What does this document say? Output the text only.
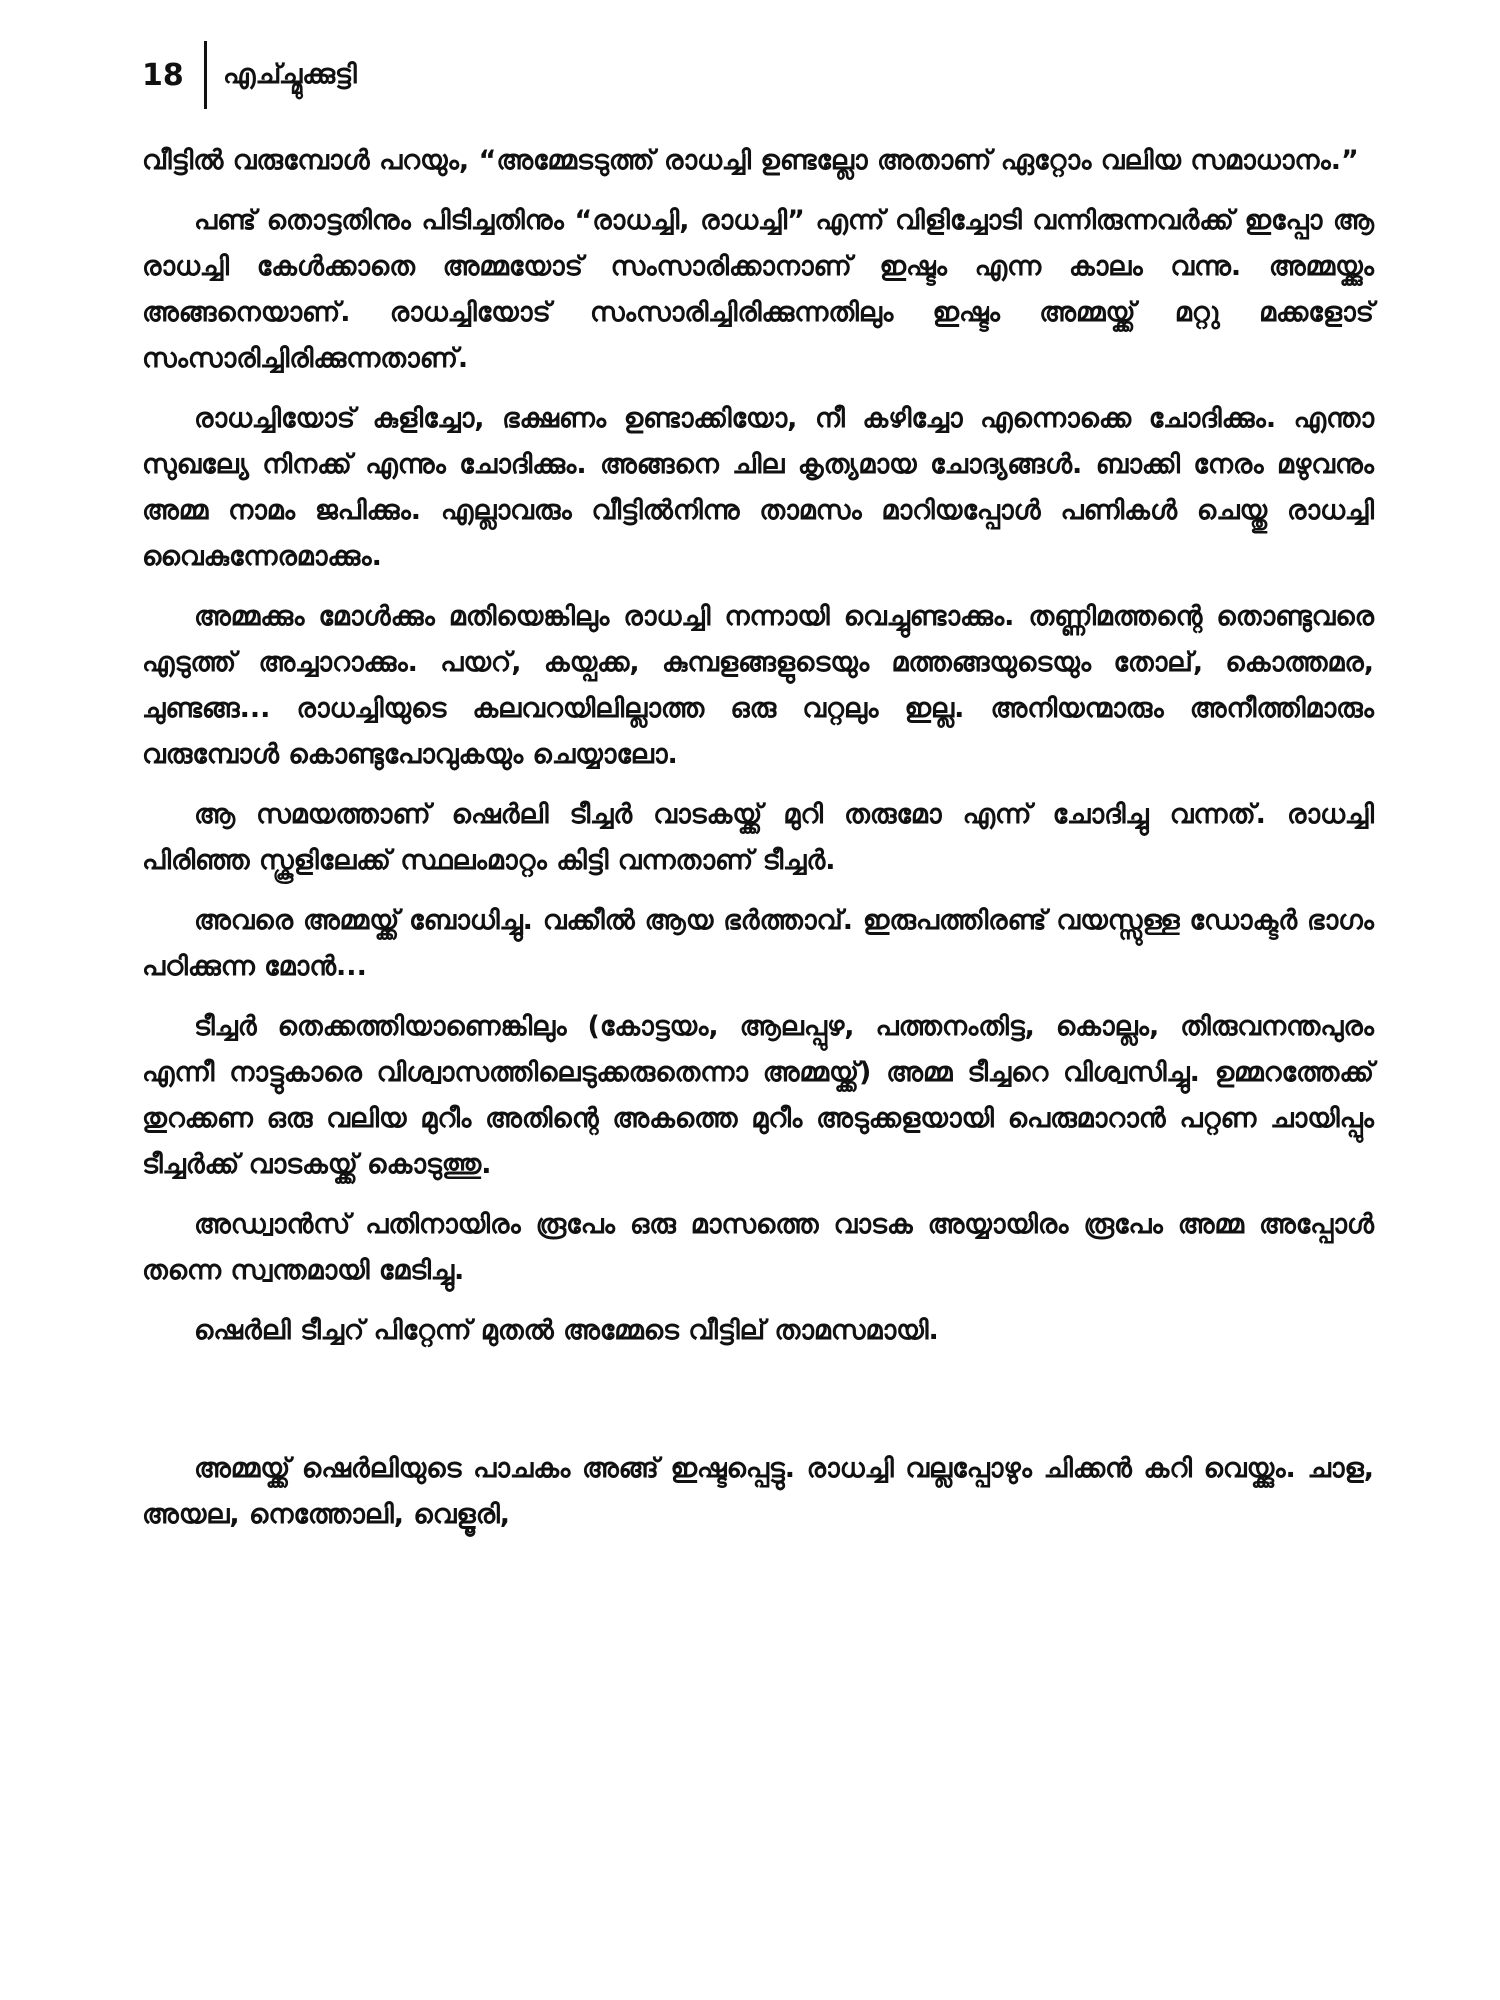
18	എച്ച്മുക്കുട്ടി

വീട്ടിൽ വരുമ്പോൾ പറയും, “അമ്മേടടുത്ത് രാധച്ചി ഉണ്ടല്ലോ അതാണ് ഏറ്റോം വലിയ സമാധാനം.”

പണ്ട് തൊട്ടതിനും പിടിച്ചതിനും “രാധച്ചി, രാധച്ചി” എന്ന് വിളിച്ചോടി വന്നിരുന്നവർക്ക് ഇപ്പോ ആ രാധച്ചി കേൾക്കാതെ അമ്മയോട് സംസാരിക്കാനാണ് ഇഷ്ടം എന്ന കാലം വന്നു. അമ്മയ്ക്കും അങ്ങനെയാണ്. രാധച്ചിയോട് സംസാരിച്ചിരിക്കുന്നതിലും ഇഷ്ടം അമ്മയ്ക്ക് മറ്റു മക്കളോട് സംസാരിച്ചിരിക്കുന്നതാണ്.

രാധച്ചിയോട് കുളിച്ചോ, ഭക്ഷണം ഉണ്ടാക്കിയോ, നീ കഴിച്ചോ എന്നൊക്കെ ചോദിക്കും. എന്താ സുഖല്യേ നിനക്ക് എന്നും ചോദിക്കും. അങ്ങനെ ചില കൃത്യമായ ചോദ്യങ്ങൾ. ബാക്കി നേരം മഴുവനും അമ്മ നാമം ജപിക്കും. എല്ലാവരും വീട്ടിൽനിന്നു താമസം മാറിയപ്പോൾ പണികൾ ചെയ്തു രാധച്ചി വൈകുന്നേരമാക്കും.

അമ്മക്കും മോൾക്കും മതിയെങ്കിലും രാധച്ചി നന്നായി വെച്ചുണ്ടാക്കും. തണ്ണിമത്തന്റെ തൊണ്ടുവരെ എടുത്ത് അച്ചാറാക്കും. പയറ്, കയ്പക്ക, കുമ്പളങ്ങളുടെയും മത്തങ്ങയുടെയും തോല്, കൊത്തമര, ചുണ്ടങ്ങ... രാധച്ചിയുടെ കലവറയിലില്ലാത്ത ഒരു വറ്റലും ഇല്ല. അനിയന്മാരും അനീത്തിമാരും വരുമ്പോൾ കൊണ്ടുപോവുകയും ചെയ്യാലോ.

ആ സമയത്താണ് ഷെർലി ടീച്ചർ വാടകയ്ക്ക് മുറി തരുമോ എന്ന് ചോദിച്ചു വന്നത്. രാധച്ചി പിരിഞ്ഞ സ്കൂളിലേക്ക് സ്ഥലംമാറ്റം കിട്ടി വന്നതാണ് ടീച്ചർ.

അവരെ അമ്മയ്ക്ക് ബോധിച്ചു. വക്കീൽ ആയ ഭർത്താവ്. ഇരുപത്തിരണ്ട് വയസ്സുള്ള ഡോക്ടർ ഭാഗം പഠിക്കുന്ന മോൻ...

ടീച്ചർ തെക്കത്തിയാണെങ്കിലും (കോട്ടയം, ആലപ്പുഴ, പത്തനംതിട്ട, കൊല്ലം, തിരുവനന്തപുരം എന്നീ നാട്ടുകാരെ വിശ്വാസത്തിലെടുക്കരുതെന്നാ അമ്മയ്ക്ക്) അമ്മ ടീച്ചറെ വിശ്വസിച്ചു. ഉമ്മറത്തേക്ക് തുറക്കണ ഒരു വലിയ മുറീം അതിന്റെ അകത്തെ മുറീം അടുക്കളയായി പെരുമാറാൻ പറ്റണ ചായിപ്പും ടീച്ചർക്ക് വാടകയ്ക്ക് കൊടുത്തു.

അഡ്വാൻസ് പതിനായിരം രൂപേം ഒരു മാസത്തെ വാടക അയ്യായിരം രൂപേം അമ്മ അപ്പോൾ തന്നെ സ്വന്തമായി മേടിച്ചു.

ഷെർലി ടീച്ചറ് പിറ്റേന്ന് മുതൽ അമ്മേടെ വീട്ടില് താമസമായി.

അമ്മയ്ക്ക് ഷെർലിയുടെ പാചകം അങ്ങ് ഇഷ്ടപ്പെട്ടു. രാധച്ചി വല്ലപ്പോഴും ചിക്കൻ കറി വെയ്ക്കും. ചാള, അയല, നെത്തോലി, വെളൂരി,
